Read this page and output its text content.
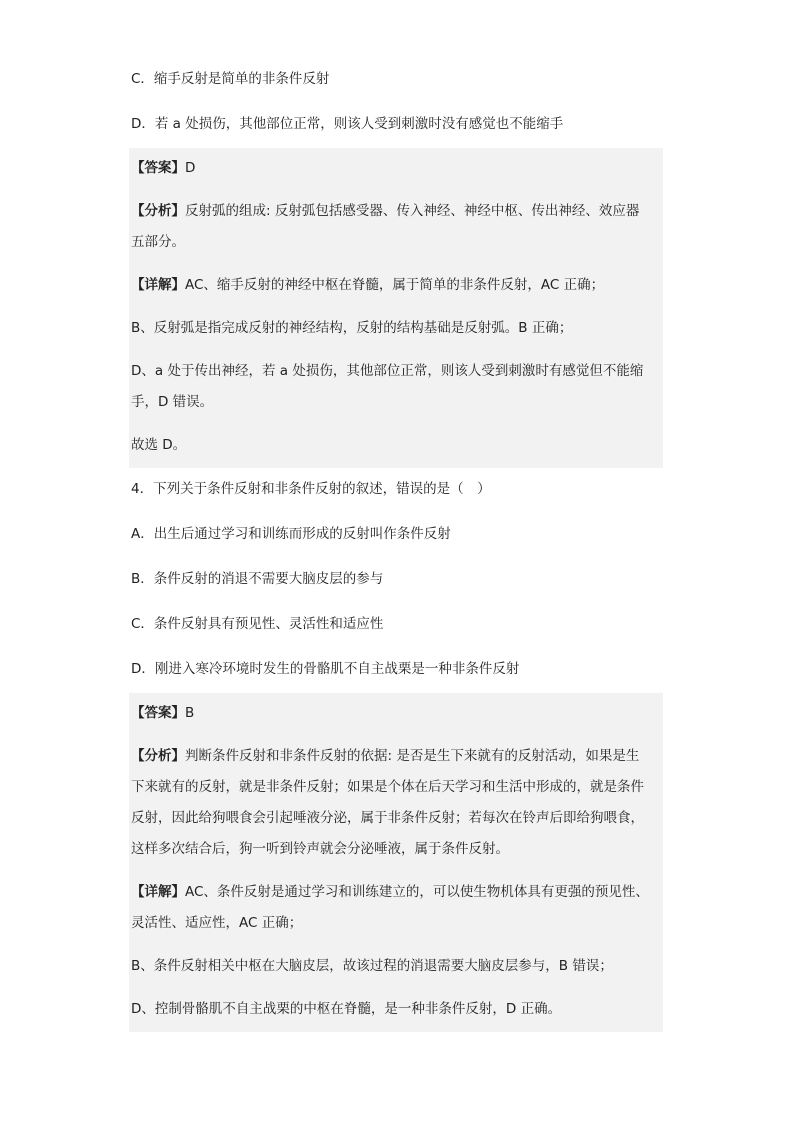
C．缩手反射是简单的非条件反射
D．若 a 处损伤，其他部位正常，则该人受到刺激时没有感觉也不能缩手
【答案】D
【分析】反射弧的组成: 反射弧包括感受器、传入神经、神经中枢、传出神经、效应器
五部分。
【详解】AC、缩手反射的神经中枢在脊髓，属于简单的非条件反射，AC 正确；
B、反射弧是指完成反射的神经结构，反射的结构基础是反射弧。B 正确；
D、a 处于传出神经，若 a 处损伤，其他部位正常，则该人受到刺激时有感觉但不能缩
手，D 错误。
故选 D。
4．下列关于条件反射和非条件反射的叙述，错误的是（　）
A．出生后通过学习和训练而形成的反射叫作条件反射
B．条件反射的消退不需要大脑皮层的参与
C．条件反射具有预见性、灵活性和适应性
D．刚进入寒冷环境时发生的骨骼肌不自主战栗是一种非条件反射
【答案】B
【分析】判断条件反射和非条件反射的依据: 是否是生下来就有的反射活动，如果是生
下来就有的反射，就是非条件反射；如果是个体在后天学习和生活中形成的，就是条件
反射，因此给狗喂食会引起唾液分泌，属于非条件反射；若每次在铃声后即给狗喂食，
这样多次结合后，狗一听到铃声就会分泌唾液，属于条件反射。
【详解】AC、条件反射是通过学习和训练建立的，可以使生物机体具有更强的预见性、
灵活性、适应性，AC 正确；
B、条件反射相关中枢在大脑皮层，故该过程的消退需要大脑皮层参与，B 错误；
D、控制骨骼肌不自主战栗的中枢在脊髓，是一种非条件反射，D 正确。
